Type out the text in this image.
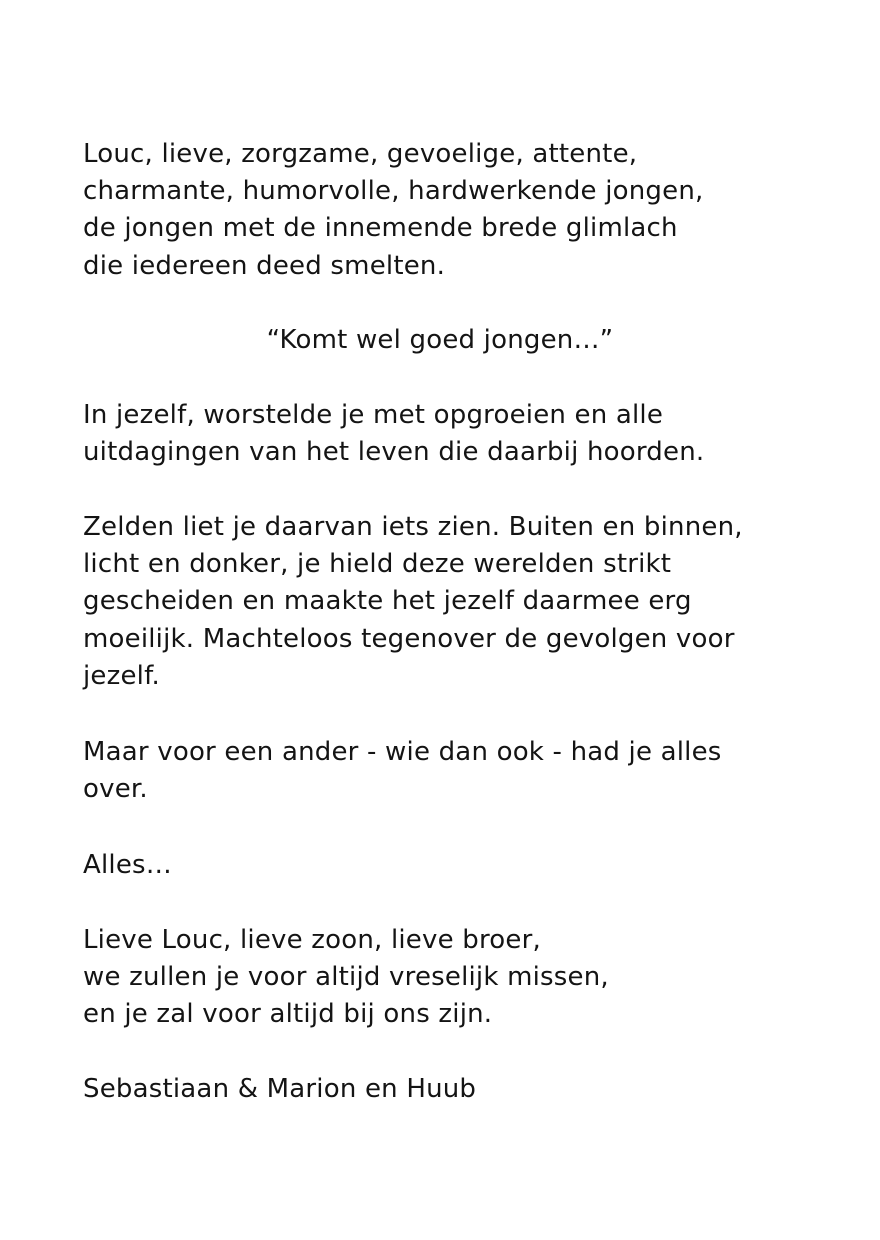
Louc, lieve, zorgzame, gevoelige, attente,
charmante, humorvolle, hardwerkende jongen,
de jongen met de innemende brede glimlach
die iedereen deed smelten.

“Komt wel goed jongen…”

In jezelf, worstelde je met opgroeien en alle
uitdagingen van het leven die daarbij hoorden.

Zelden liet je daarvan iets zien. Buiten en binnen,
licht en donker, je hield deze werelden strikt
gescheiden en maakte het jezelf daarmee erg
moeilijk. Machteloos tegenover de gevolgen voor
jezelf.

Maar voor een ander - wie dan ook - had je alles
over.

Alles…

Lieve Louc, lieve zoon, lieve broer,
we zullen je voor altijd vreselijk missen,
en je zal voor altijd bij ons zijn.

Sebastiaan & Marion en Huub
